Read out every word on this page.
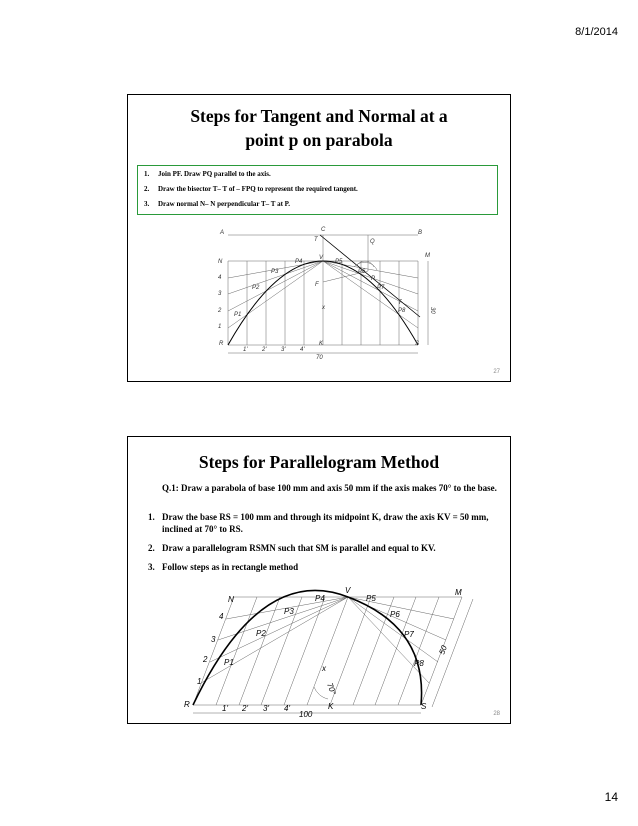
8/1/2014
Steps for Tangent and Normal at a
point p on parabola
1. Join PF. Draw PQ parallel to the axis.
2. Draw the bisector T– T of – FPQ to represent the required tangent.
3. Draw normal N– N perpendicular T– T at P.
A	C	B
T	Q
M
N
4
3
2
1
R
1' 2' 3' 4'
K	S
70
30
P1
P2
P3
P4
V
P5
P6
P
P7
T
P8
F
x
27
Steps for Parallelogram Method
Q.1: Draw a parabola of base 100 mm and axis 50 mm if the axis makes 70° to the base.
1. Draw the base RS = 100 mm and through its midpoint K, draw the axis KV = 50 mm, inclined at 70° to RS.
2. Draw a parallelogram RSMN such that SM is parallel and equal to KV.
3. Follow steps as in rectangle method
N	P4
V
P5
M
P3	P6
P2	P7
P1	P8
x
70°
R	K	S
4
3
2
1
1' 2' 3' 4'
100
50
28
14
